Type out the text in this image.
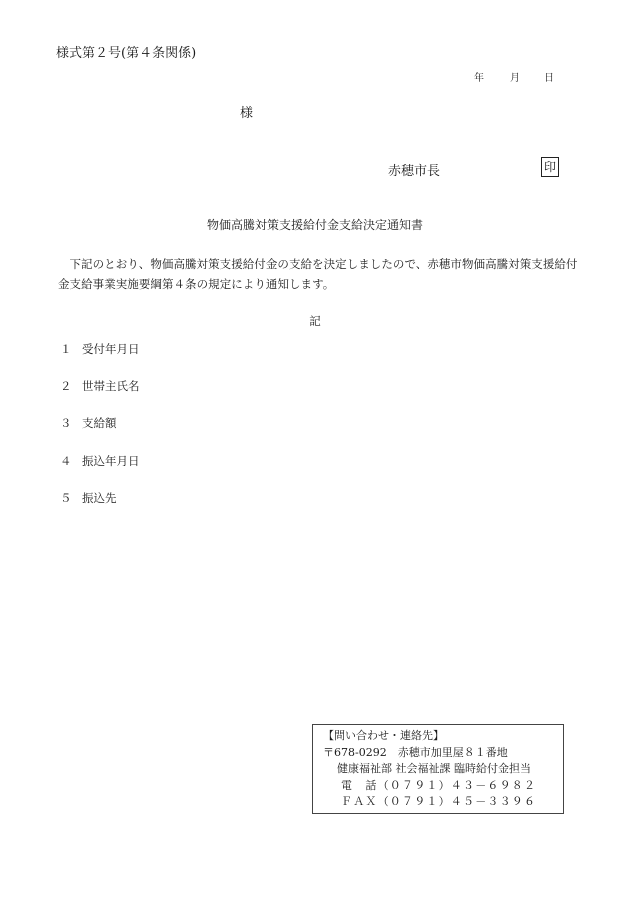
様式第２号(第４条関係)
年	月 日
様
赤穂市長	印
物価高騰対策支援給付金支給決定通知書
下記のとおり、物価高騰対策支援給付金の支給を決定しましたので、赤穂市物価高騰対策支援給付金支給事業実施要綱第４条の規定により通知します。
記
１ 受付年月日
２ 世帯主氏名
３ 支給額
４ 振込年月日
５ 振込先
【問い合わせ・連絡先】
〒678-0292　赤穂市加里屋８１番地
健康福祉部 社会福祉課 臨時給付金担当
電　話（０７９１）４３－６９８２
ＦＡＸ（０７９１）４５－３３９６
